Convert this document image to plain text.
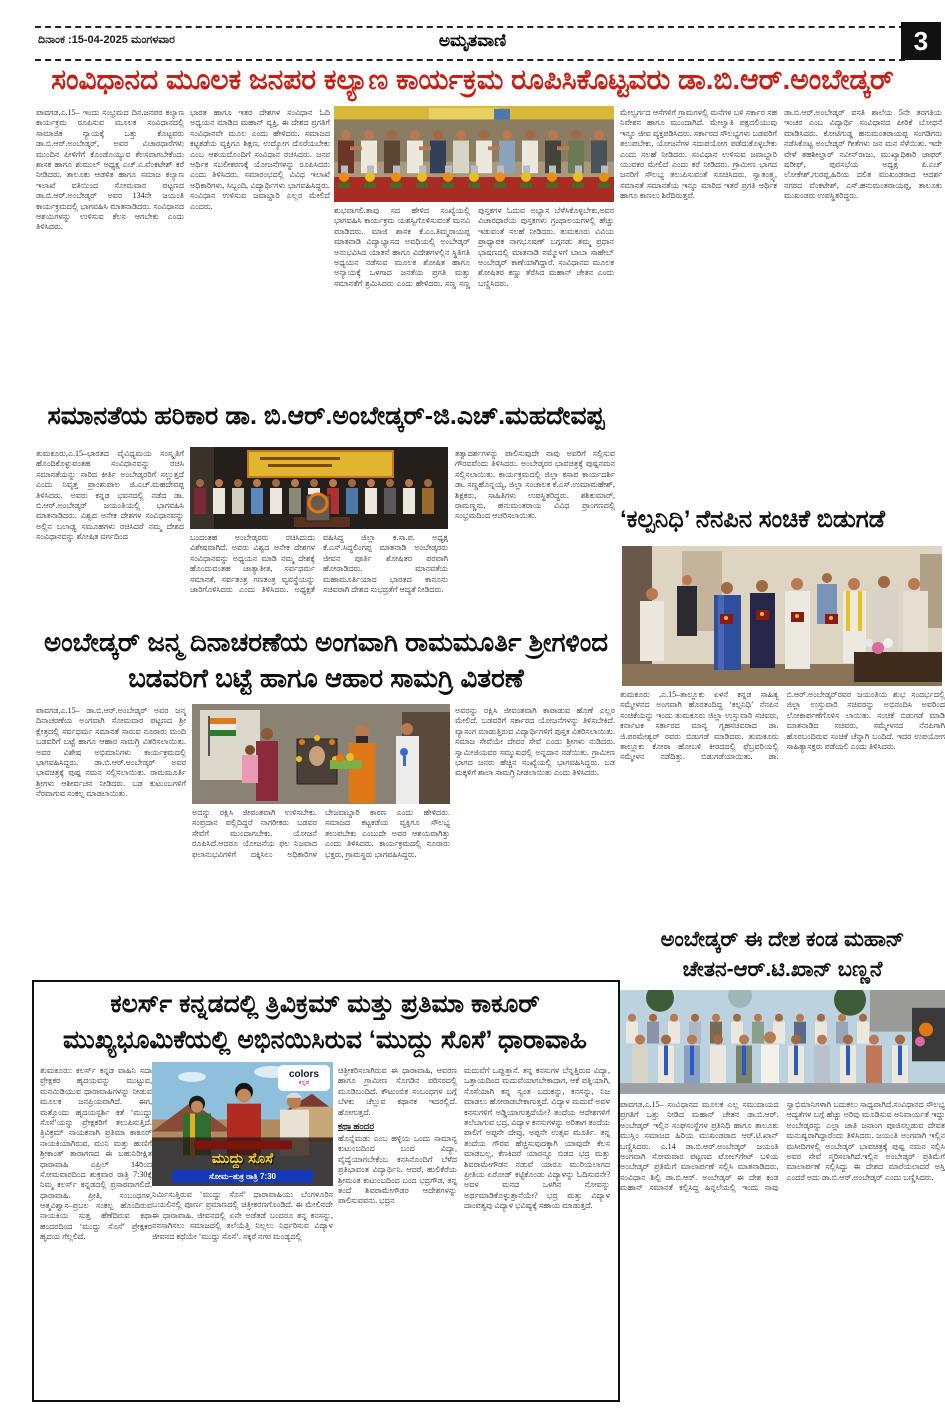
ದಿನಾಂಕ :15-04-2025 ಮಂಗಳವಾರ	ಅಮೃತವಾಣಿ	3
ಸಂವಿಧಾನದ ಮೂಲಕ ಜನಪರ ಕಲ್ಯಾಣ ಕಾರ್ಯಕ್ರಮ ರೂಪಿಸಿಕೊಟ್ಟವರು ಡಾ.ಬಿ.ಆರ್.ಅಂಬೇಡ್ಕರ್
ಪಾವಗಡ,ಎ.15– ಇಂದು ಸಂಭ್ರಮದ ದಿನ.ಜನಪರ ಕಲ್ಯಾಣ ಕಾರ್ಯಕ್ರಮ ರೂಪಿಸುವ ಮೂಲಕ ಸಂವಿಧಾನದಲ್ಲಿ ಸಾಮಾಜಿಕ ನ್ಯಾಯಕ್ಕೆ ಒತ್ತು ಕೊಟ್ಟವರು ಡಾ.ಬಿ.ಆರ್.ಅಂಬೇಡ್ಕರ್, ಅವರ ವಿಚಾರಧಾರೆಗಳು ಮುಂದಿನ ಪೀಳಿಗೆಗೆ ಕೊಂಡೊಯ್ಯುವ ಕೆಲಸವಾಗಬೇಕೆಂದು ಶಾಸಕ ಹಾಗೂ ಶುಮುಲ್ ಅಧ್ಯಕ್ಷ ಎಚ್.ಎ.ವೆಂಕಟೇಶ್ ಕರೆ ನೀಡಿದರು. ತಾಲೂಕು ಆಡಳಿತ ಹಾಗೂ ಸಮಾಜ ಕಲ್ಯಾಣ ಇಲಾಖೆ ವತಿಯಿಂದ ಸೋಮವಾರ ಪಟ್ಟಣದ ಡಾ.ಬಿ.ಆರ್.ಅಂಬೇಡ್ಕರ್ ಅವರ 134ನೇ ಜಯಂತಿ ಕಾರ್ಯಕ್ರಮದಲ್ಲಿ ಭಾಗವಹಿಸಿ ಮಾತನಾಡಿದರು. ಸಂವಿಧಾನದ ಆಶಯಗಳನ್ನು ಉಳಿಸುವ ಕೆಲಸ ಆಗಬೇಕು ಎಂದು ತಿಳಿಸಿದರು.
ಭಾರತ ಹಾಗೂ ಇತರ ದೇಶಗಳ ಸಂವಿಧಾನ ಓದಿ ಅಧ್ಯಯನ ಮಾಡಿದ ಮಹಾನ್ ವ್ಯಕ್ತಿ, ಈ ದೇಶದ ಪ್ರಗತಿಗೆ ಸಂವಿಧಾನವೇ ಮೂಲ ಎಂದು ಹೇಳಿದರು. ಸಮಾಜದ ಕಟ್ಟಕಡೆಯ ವ್ಯಕ್ತಿಗೂ ಶಿಕ್ಷಣ, ಉದ್ಯೋಗ ದೊರೆಯಬೇಕು ಎಂಬ ಆಶಯದೊಂದಿಗೆ ಸಂವಿಧಾನ ರಚಿಸಿದರು. ಜನರ ಆರ್ಥಿಕ ಸಬಲೀಕರಣಕ್ಕೆ ಯೋಜನೆಗಳನ್ನು ರೂಪಿಸಿದರು ಎಂದು ತಿಳಿಸಿದರು. ಸಮಾರಂಭದಲ್ಲಿ ವಿವಿಧ ಇಲಾಖೆ ಅಧಿಕಾರಿಗಳು, ಸಿಬ್ಬಂದಿ, ವಿದ್ಯಾರ್ಥಿಗಳು ಭಾಗವಹಿಸಿದ್ದರು. ಸಂವಿಧಾನ ಉಳಿಸುವ ಜವಾಬ್ದಾರಿ ಎಲ್ಲರ ಮೇಲಿದೆ ಎಂದರು.	ಶುಭವಾಗಲಿ.ತಾವು ಸದ ಹೇಳಿದ ಸಂಖ್ಯೆಯಲ್ಲಿ ಭಾಗವಹಿಸಿ ಕಾರ್ಯಕ್ರಮ ಯಶಸ್ವಿಗೊಳಿಸುವಂತೆ ಮನವಿ ಮಾಡಿದರು. ಮಾಜಿ ಶಾಸಕ ಕೆ.ಎಂ.ತಿಮ್ಮರಾಯಪ್ಪ ಮಾತನಾಡಿ ವಿದ್ಯಾಭ್ಯಾಸದ ಅವಧಿಯಲ್ಲಿ ಅಂಬೇಡ್ಕರ್ ಅನುಭವಿಸಿದ ಯಾತನೆ ಹಾಗೂ ವಿದೇಶಗಳಲ್ಲಿನ ಸ್ಥಿತಿಗತಿ ಅಧ್ಯಯನ ನಡೆಸುವ ಮೂಲಕ ಶೋಷಿತ ಹಾಗೂ ಅನ್ಯಾಯಕ್ಕೆ ಒಳಗಾದ ಜನತೆಯ ಪ್ರಗತಿ ಮತ್ತು ಸಮಾನತೆಗೆ ಶ್ರಮಿಸಿದರು ಎಂದು ಹೇಳಿದರು. ಸಣ್ಣ ಸಣ್ಣ ಪುಸ್ತಕಗಳ ಓದುವ ಅಭ್ಯಾಸ ಬೆಳೆಸಿಕೊಳ್ಳಬೇಕು,ಅವರ ವಿಚಾರಧಾರೆಯ ಪುಸ್ತಕಗಳು ಗ್ರಂಥಾಲಯಗಳಲ್ಲಿ ಹೆಚ್ಚು ಇಡುವಂತೆ ಸಲಹೆ ನೀಡಿದರು. ತುಮಕೂರು ವಿವಿಯ ಪ್ರಾಧ್ಯಾಪಕ ನಾಗಭೂಷಣ್ ಬಗ್ಗನಡು ತಮ್ಮ ಪ್ರಧಾನ ಭಾಷಣದಲ್ಲಿ ಮಾತನಾಡಿ ನಮ್ಮೊಳಗೆ ಬಾಬಾ ಸಾಹೇಬ್ ಅಂಬೇಡ್ಕರ್ ಕಾಣೆಯಾಗಿದ್ದಾರೆ. ಸಂವಿಧಾನದ ಮೂಲಕ ಶೋಷಿತರ ಕಣ್ಣು ತೆರೆಸಿದ ಮಹಾನ್ ಚೇತನ ಎಂದು ಬಣ್ಣಿಸಿದರು.
ಮೇಲ್ವರ್ಗದ ಆಸೆಗಳಿಗೆ ಗ್ರಾಮಗಳಲ್ಲಿ ಮನೆಗಳ ಬಳಿ ಸರ್ಕಾರ ಸಹ ನಿವೇಶನ ಹಾಗೂ ಮುಂದಾಗಿದೆ. ಮೇಲ್ವಾತಿ ಪಕ್ಷದಲಿಯುವು ಇನ್ನೂ ಜೀವ ವ್ಯಕ್ತಪಡಿಸಿದರು. ಸರ್ಕಾರದ ಸೌಲಭ್ಯಗಳು ಬಡವರಿಗೆ ತಲುಪಬೇಕು, ಯೋಜನೆಗಳ ಸದುಪಯೋಗ ಪಡೆದುಕೊಳ್ಳಬೇಕು ಎಂದು ಸಲಹೆ ನೀಡಿದರು. ಸಂವಿಧಾನ ಉಳಿಸುವ ಜವಾಬ್ದಾರಿ ಯುವಕರ ಮೇಲಿದೆ ಎಂದು ಕರೆ ನೀಡಿದರು. ಗ್ರಾಮೀಣ ಭಾಗದ ಜನರಿಗೆ ಸೌಲಭ್ಯ ತಲುಪಿಸುವಂತೆ ಸೂಚಿಸಿದರು. ಸ್ವಾತಂತ್ರ್ಯ, ಸಮಾನತೆ ಸಮಾನತೆಯ ಇನ್ನೂ ಮಾರಿದ ಇತರೆ ಪ್ರಗತಿ ಆರ್ಥಿಕ ಹಾಗೂ ಕಾಣಲು ಶಿರೆದಿರುತ್ತವೆ.
ಡಾ.ಬಿ.ಆರ್.ಅಂಬೇಡ್ಕರ್ ವಸತಿ ಶಾಲೆಯ 5ನೇ ತರಗತಿಯ ಇಂಚರ ಎಂಬ ವಿದ್ಯಾರ್ಥಿ ಸಂವಿಧಾನದ ಪೀಠಿಕೆ ಬೋಧನೆ ಮಾಡಿಸಿದರು. ಕೋಟಿಗುಡ್ಡ ಹನುಮಂತರಾಯಪ್ಪ ಸಂಗಡಿಗರು ನಡೆಸಿಕೊಟ್ಟ ಅಂಬೇಡ್ಕರ್ ಗೀತೆಗಳು ಜನ ಮನ ಸೆಳೆಯಿತು. ಇದೇ ವೇಳೆ ತಹಶೀಲ್ದಾರ್ ನವೀನ್‌ರಾಜು, ಮುಖ್ಯಾಧಿಕಾರಿ ಜಾಫರ್ ಷರೀಫ್, ಪುರಸಭೆಯ ಅಧ್ಯಕ್ಷ ಪಿ.ಎಚ್ ಲೋಕೇಶ್,ಗುರಪ್ಪ,ಹಿರಿಯ ದಲಿತ ಮುಖಂಡರಾದ ಆದರ್ಶ ನಗರದ ವೆಂಕಟೇಶ್, ಎಸ್.ಹನುಮಂತರಾಯಪ್ಪ, ತಾಲೂಕು ಮುಖಂಡರು ಉಪಸ್ಥಿತರಿದ್ದರು.
ಸಮಾನತೆಯ ಹರಿಕಾರ ಡಾ. ಬಿ.ಆರ್.ಅಂಬೇಡ್ಕರ್-ಜಿ.ಎಚ್.ಮಹದೇವಪ್ಪ
ತುಮಕೂರು,ಎ.15–ಭಾರತದ ವೈವಿಧ್ಯಮಯ ಸಂಸ್ಕೃತಿಗೆ ಹೊಂದಿಕೊಳ್ಳುವಂತಹ ಸಂವಿಧಾನವನ್ನು ರಚಿಸಿ ಸಮಾನತೆಯನ್ನು ಸಾರಿದ ಕೀರ್ತಿ ಅಂಬೇಡ್ಕರರಿಗೆ ಸಲ್ಲುತ್ತದೆ ಎಂದು ನಿವೃತ್ತ ಪ್ರಾಂಶುಪಾಲ ಜಿ.ಎಚ್.ಮಹದೇವಪ್ಪ ತಿಳಿಸಿದರು. ಅವರು ಕನ್ನಡ ಭವನದಲ್ಲಿ ನಡೆದ ಡಾ. ಬಿ.ಆರ್.ಅಂಬೇಡ್ಕರ್ ಜಯಂತಿಯಲ್ಲಿ ಭಾಗವಹಿಸಿ ಮಾತನಾಡಿದರು. ವಿಶ್ವದ ಅನೇಕ ದೇಶಗಳ ಸಂವಿಧಾನವನ್ನು ಅಲ್ಲಿನ ಬಲಾಢ್ಯ ಸಮೂಹಗಳು ರಚಿಸಿದರೆ ನಮ್ಮ ದೇಶದ ಸಂವಿಧಾನವನ್ನು ಶೋಷಿತ ವರ್ಗದಿಂದ	ಬಂದಂತಹ ಅಂಬೇಡ್ಕರರು ರಚಿಸಿದುದು ವಿಶೇಷವಾಗಿದೆ. ಅವರು ವಿಶ್ವದ ಅನೇಕ ದೇಶಗಳ ಸಂವಿಧಾನವನ್ನು ಅಧ್ಯಯನ ಮಾಡಿ ನಮ್ಮ ದೇಶಕ್ಕೆ ಹೊಂದುವಂತಹ ಜಾತ್ಯಾತೀತ, ಸರ್ವಧರ್ಮ ಸಮಾನತೆ, ಸರ್ವತಂತ್ರ ಗಣತಂತ್ರ ವ್ಯವಸ್ಥೆಯನ್ನು ಜಾರಿಗೊಳಿಸಿದರು ಎಂದು ತಿಳಿಸಿದರು. ಅಧ್ಯಕ್ಷತೆ ವಹಿಸಿದ್ದ ಜಿಲ್ಲಾ ಕ.ಸಾ.ಪ. ಅಧ್ಯಕ್ಷ ಕೆ.ಎಸ್.ಸಿದ್ಧಲಿಂಗಪ್ಪ ಮಾತನಾಡಿ ಅಂಬೇಡ್ಕರರು ಜೀವನ ಪೂರ್ತಿ ಶೋಷಿತರ ಪರವಾಗಿ ಹೋರಾಡಿದರು. ಮಾನವತೆಯ ಮಹಾಮೂರ್ತಿಯಾದ ಭಾರತದ ಕಾನೂನು ಸಚಿವರಾಗಿ ದೇಶದ ಸುಭದ್ರತೆಗೆ ಆದ್ಯತೆ ನೀಡಿದರು.
ತತ್ವಾದರ್ಶಗಳನ್ನು ಪಾಲಿಸುವುದೇ ನಾವು ಅವರಿಗೆ ಸಲ್ಲಿಸುವ ಗೌರವವೆಂದು ತಿಳಿಸಿದರು. ಅಂಬೇಡ್ಕರರ ಭಾವಚಿತ್ರಕ್ಕೆ ಪುಷ್ಪನಮನ ಸಲ್ಲಿಸಲಾಯಿತು. ಕಾರ್ಯಕ್ರಮದಲ್ಲಿ ಜಿಲ್ಲಾ ಕಸಾಪ ಕಾರ್ಯದರ್ಶಿ ಡಾ. ಸಣ್ಣಹೊನ್ನಯ್ಯ, ಜಿಲ್ಲಾ ಸಂಚಾಲಕ ಕೆ.ಎಸ್.ಉಮಾಮಹೇಶ್, ಶಿಕ್ಷಕರು, ಸಾಹಿತಿಗಳು ಉಪಸ್ಥಿತರಿದ್ದರು. ಶಶಿಕುಮಾರ್, ರಾಮಣ್ಣನು, ಹನುಮಂತರಾಯ ವಿವಿಧ ಪ್ರಾಂಗಣದಲ್ಲಿ ಸಂಭ್ರಮದಿಂದ ಆಚರಿಸಲಾಯಿತು.
ಅಂಬೇಡ್ಕರ್ ಜನ್ಮ ದಿನಾಚರಣೆಯ ಅಂಗವಾಗಿ ರಾಮಮೂರ್ತಿ ಶ್ರೀಗಳಿಂದ ಬಡವರಿಗೆ ಬಟ್ಟೆ ಹಾಗೂ ಆಹಾರ ಸಾಮಗ್ರಿ ವಿತರಣೆ
ಪಾವಗಡ,ಎ.15– ಡಾ.ಬಿ.ಆರ್.ಅಂಬೇಡ್ಕರ್ ಅವರ ಜನ್ಮ ದಿನಾಚರಣೆಯ ಅಂಗವಾಗಿ ಸೋಮವಾರ ಪಟ್ಟಣದ ಶ್ರೀ ಕ್ಷೇತ್ರದಲ್ಲಿ ಸರ್ವಧರ್ಮ ಸಮಾನತೆ ಸಾರುವ ನೂರಾರು ಮಂದಿ ಬಡವರಿಗೆ ಬಟ್ಟೆ ಹಾಗೂ ಆಹಾರ ಸಾಮಗ್ರಿ ವಿತರಿಸಲಾಯಿತು. ಅವರ ವಿಶೇಷ ಅಭಿಮಾನಿಗಳು ಕಾರ್ಯಕ್ರಮದಲ್ಲಿ ಭಾಗವಹಿಸಿದ್ದರು. ಡಾ.ಬಿ.ಆರ್.ಅಂಬೇಡ್ಕರ್ ಅವರ ಭಾವಚಿತ್ರಕ್ಕೆ ಪುಷ್ಪ ನಮನ ಸಲ್ಲಿಸಲಾಯಿತು. ರಾಮಮೂರ್ತಿ ಶ್ರೀಗಳು ಆಶೀರ್ವಚನ ನೀಡಿದರು. ಬಡ ಕುಟುಂಬಗಳಿಗೆ ನೆರವಾಗುವ ಸಂಕಲ್ಪ ಮಾಡಲಾಯಿತು.
ಅದನ್ನು ರಕ್ಷಿಸಿ ಜೀವಂತವಾಗಿ ಉಳಿಸಬೇಕು. ಸಂಪ್ರದಾನ ಪಲ್ಲಿದಿದ್ದರೆ ನಾಗರೀಕರು ಬಡವರ ಸೇವೆಗೆ ಮುಂದಾಗಬೇಕು. ಯೋಜನೆ ರೂಪಿಸಿದೆ.ಆದರೂ ಯೋಜನೆಯ ಫಲ ನಿಜವಾದ ಫಲಾನುಭವಿಗಳಿಗೆ ದಕ್ಕಿಸಿಲು ಅಧಿಕಾರಿಗಳ ಬೇಜವಾಬ್ದಾರಿ ಕಾರಣ ಎಂದು ಹೇಳಿದರು. ಸಮಾಜದ ಕಟ್ಟಕಡೆಯ ವ್ಯಕ್ತಿಗೂ ಸೌಲಭ್ಯ ತಲುಪಬೇಕು ಎಂಬುದೇ ಅವರ ಆಶಯವಾಗಿತ್ತು ಎಂದು ತಿಳಿಸಿದರು. ಕಾರ್ಯಕ್ರಮದಲ್ಲಿ ನೂರಾರು ಭಕ್ತರು, ಗ್ರಾಮಸ್ಥರು ಭಾಗವಹಿಸಿದ್ದರು.
ಅವರನ್ನು ರಕ್ಷಿಸಿ ಜೀವಂತವಾಗಿ ಕಾಪಾಡುವ ಹೊಣೆ ಎಲ್ಲರ ಮೇಲಿದೆ. ಬಡವರಿಗೆ ಸರ್ಕಾರದ ಯೋಜನೆಗಳನ್ನು ತಿಳಿಸಬೇಕಿದೆ. ವ್ಯಾಸಂಗ ಮಾಡುತ್ತಿರುವ ವಿದ್ಯಾರ್ಥಿಗಳಿಗೆ ಪುಸ್ತಕ ವಿತರಿಸಲಾಯಿತು. ಸಮಾಜ ಸೇವೆಯೇ ದೇವರ ಸೇವೆ ಎಂದು ಶ್ರೀಗಳು ನುಡಿದರು. ಸ್ವಾಮೀಜಿಯವರ ಸಮ್ಮುಖದಲ್ಲಿ ಅನ್ನದಾನ ನಡೆಯಿತು. ಗ್ರಾಮೀಣ ಭಾಗದ ಜನರು ಹೆಚ್ಚಿನ ಸಂಖ್ಯೆಯಲ್ಲಿ ಭಾಗವಹಿಸಿದ್ದರು. ಬಡ ಮಕ್ಕಳಿಗೆ ಶಾಲಾ ಸಾಮಗ್ರಿ ನೀಡಲಾಯಿತು ಎಂದು ತಿಳಿಸಿದರು.
‘ಕಲ್ಪನಿಧಿ’ ನೆನಪಿನ ಸಂಚಿಕೆ ಬಿಡುಗಡೆ
ತುಮಕೂರು ,ಎ.15–ತಾಲ್ಲೂಕು ಏಳನೆ ಕನ್ನಡ ಸಾಹಿತ್ಯ ಸಮ್ಮೇಳನದ ಅಂಗವಾಗಿ ಹೊರತಂದಿದ್ದ ‘ಕಲ್ಪನಿಧಿ’ ನೆನಪಿನ ಸಂಚಿಕೆಯನ್ನು ಇಂದು ತುಮಕೂರು ಜಿಲ್ಲಾ ಉಸ್ತುವಾರಿ ಸಚಿವರು, ಕರ್ನಾಟಕ ಸರ್ಕಾರದ ಮಾನ್ಯ ಗೃಹಸಚಿವರಾದ ಡಾ. ಜಿ.ಪರಮೇಶ್ವರ್ ರವರು ಬಿಡುಗಡೆ ಮಾಡಿದರು. ತುಮಕೂರು ತಾಲ್ಲೂಕು ಕೋರಾ ಹೋಬಳಿ ಕೀರದದಲ್ಲಿ ಫೆಬ್ರವರಿಯಲ್ಲಿ ಸಮ್ಮೇಳನ ನಡೆದಿತ್ತು. ಬಿಡುಗಡೆಯಾಯಿತು. ಡಾ. ಬಿ.ಆರ್.ಅಂಬೇಡ್ಕರ್‌ರವರ ಜಯಂತಿಯ ಶುಭ ಸಂದರ್ಭದಲ್ಲಿ ಜಿಲ್ಲಾ ಉಸ್ತುವಾರಿ ಸಚಿವರನ್ನು ಅಭಿನಂದಿಸಿ ಅವರಿಂದ ಲೋಕಾರ್ಪಣೆಗೊಳಿಸ ಲಾಯಿತು. ಸಂಚಿಕೆ ಬಿಡುಗಡೆ ಮಾಡಿ ಮಾತನಾಡಿದ ಸಚಿವರು, ಸಮ್ಮೇಳನದ ನೆನಪಿಗಾಗಿ ಹೊರಬಂದಿರುವ ಸಂಚಿಕೆ ಚೆನ್ನಾಗಿ ಬಂದಿದೆ. ಇದರ ಉಪಯೋಗ ಸಾಹಿತ್ಯಾಸಕ್ತರು ಪಡೆಯಲಿ ಎಂದು ತಿಳಿಸಿದರು.
ಅಂಬೇಡ್ಕರ್ ಈ ದೇಶ ಕಂಡ ಮಹಾನ್
ಚೇತನ-ಆರ್.ಟಿ.ಖಾನ್ ಬಣ್ಣನೆ
ಪಾವಗಡ,ಎ.15– ಸಂವಿಧಾನದ ಮೂಲಕ ಎಲ್ಲ ಸಮುದಾಯದ ಪ್ರಗತಿಗೆ ಒತ್ತು ನೀಡಿದ ಮಹಾನ್ ಚೇತನ ಡಾ.ಬಿ.ಆರ್. ಅಂಬೇಡ್ಕರ್ ಇಲ್ಲಿನ ಸಂಘಸಂಸ್ಥೆಗಳ ಪ್ರತಿನಿಧಿ ಹಾಗೂ ತಾಲೂಕು ಮುಸ್ಲಿಂ ಸಮಾಜದ ಹಿರಿಯ ಮುಖಂಡರಾದ ಆರ್.ಟಿ.ಖಾನ್ ಬಣ್ಣಿಸಿದರು. ಎ.14 ಡಾ.ಬಿ.ಆರ್.ಅಂಬೇಡ್ಕರ್ ಜಯಂತಿ ಅಂಗವಾಗಿ ಸೋಮವಾರ ಪಟ್ಟಣದ ಟೋಲ್‌ಗೇಟ್ ಬಳಿಯ ಅಂಬೇಡ್ಕರ್ ಪ್ರತಿಮೆಗೆ ಮಾಲಾರ್ಪಣೆ ಸಲ್ಲಿಸಿ ಮಾತನಾಡಿದರು. ಸಂವಿಧಾನ ಶಿಲ್ಪಿ ಡಾ.ಬಿ.ಆರ್. ಅಂಬೇಡ್ಕರ್ ಈ ದೇಶ ಕಂಡ ಮಹಾನ್ ಸಮಾನತೆ ಕಲ್ಪಿಸಿದ್ದ ಹಿನ್ನಲೆಯಲ್ಲಿ ಇಂದು ನಾವು ಸ್ವಾಭಿಮಾನಿಗಳಾಗಿ ಬದುಕಲು ಸಾಧ್ಯವಾಗಿದೆ.ಸಂವಿಧಾನದ ಸೌಲಭ್ಯ ಆದ್ಯತೆಗಳ ಬಗ್ಗೆ ಹೆಚ್ಚು ಅರಿವು ಮೂಡಿಸುವ ಅನಿವಾರ್ಯತೆ ಇದ್ದು ಅಂಬೇಡ್ಕರನ್ನು ಎಲ್ಲಾ ಜಾತಿ ಜನಾಂಗ ಪೂಜಿಸಲ್ಪಡುವ ದೇವತ ಮನುಷ್ಯರಾಗಿದ್ದಾರೆಂದು ತಿಳಿಸಿದರು. ಜಯಂತಿ ಅಂಗವಾಗಿ ಇಲ್ಲಿನ ಮಸೀದಿಗಳಲ್ಲಿ ಅಂಬೇಡ್ಕರ್ ಭಾವಚಿತ್ರಕ್ಕೆ ಪುಷ್ಪ ನಮನ ಸಲ್ಲಿಸಿ ಅವರ ಸೇವೆ ಸ್ಮರಿಸಲಾಗಿದೆ.ಇಲ್ಲಿನ ಅಂಬೇಡ್ಕರ್ ಪ್ರತಿಮೆಗೆ ಮಾಲಾರ್ಪಣೆ ಸಲ್ಲಿಸಿದ್ದು ಈ ದೇಶದ ಮಾರೆಯಲಾದರೆ ಅಸ್ತಿ ಎಂದರೆ ಅದು ಡಾ.ಬಿ.ಆರ್.ಅಂಬೇಡ್ಕರ್ ಎಂದು ಬಣ್ಣಿಸಿದರು.
ಕಲರ್ಸ್ ಕನ್ನಡದಲ್ಲಿ ತ್ರಿವಿಕ್ರಮ್ ಮತ್ತು ಪ್ರತಿಮಾ ಕಾಕೂರ್ ಮುಖ್ಯಭೂಮಿಕೆಯಲ್ಲಿ ಅಭಿನಯಿಸಿರುವ ‘ಮುದ್ದು ಸೊಸೆ’ ಧಾರಾವಾಹಿ
ತುಮಕೂರು: ಕಲರ್ಸ್ ಕನ್ನಡ ವಾಹಿನಿ ಸದಾ ಪ್ರೇಕ್ಷಕರ ಹೃದಯವನ್ನು ಮುಟ್ಟುವ, ಮನಮಿಡಿಯುವ ಧಾರಾವಾಹಿಗಳನ್ನು ನೀಡುವ ಮೂಲಕ ಜನಪ್ರಿಯವಾಗಿದೆ. ಈಗ, ಮತ್ತೊಂದು ಹೃದಯಸ್ಪರ್ಶಿ ಕತೆ ‘ಮುದ್ದು ಸೊಸೆ’ಯನ್ನು ಪ್ರೇಕ್ಷಕರಿಗೆ ತಲುಪಿಸುತ್ತಿದೆ. ತ್ರಿವಿಕ್ರಮ್ ನಾಯಕನಾಗಿ ಪ್ರತಿಮಾ ಕಾಕೂರ್ ನಾಯಕಿಯಾಗಿರುವ, ಮುನಿ ಮತ್ತು ಹುಣಿಗೆ ಶ್ರೀಕಾಂತ್ ತಾರಾಗಣದ ಈ ಬಹುನಿರೀಕ್ಷಿತ ಧಾರಾವಾಹಿ ಎಪ್ರಿಲ್ 14ರಿಂದ ಸೋಮವಾರದಿಂದ ಶುಕ್ರವಾರ ರಾತ್ರಿ 7:30ಕ್ಕೆ ನಿಮ್ಮ ಕಲರ್ಸ್ ಕನ್ನಡದಲ್ಲಿ ಪ್ರಸಾರವಾಗಲಿದೆ. ಧಾರಾವಾಹಿ. ಪ್ರೀತಿ, ಸಂಬಂಧಗಳ, ಆತ್ಮವಿಶ್ವಾಸ–ಪ್ರಬಲ ಸಂಕಲ್ಪ ಹೊಂದಿರುವ ನಾಯಕಿಯ ಸುತ್ತ ಹೆಣೆದಿರುವ ಕಥಾ ಹಂದರದಿಂದ ‘ಮುದ್ದು ಸೊಸೆ’ ಪ್ರೇಕ್ಷಕರ ಹೃದಯ ಗೆಲ್ಲಲಿದೆ.
colors
ಕನ್ನಡ
ಮುದ್ದು ಸೊಸೆ
ಸೋಮ–ಶುಕ್ರ ರಾತ್ರಿ 7:30
ನಿರ್ಮಿಸುತ್ತಿರುವ ‘ಮುದ್ದು ಸೊಸೆ’ ಧಾರಾವಾಹಿಯು ಬೆಂಗಳೂರಿನ ಬಯಲಿನಲ್ಲಿ ಪೂರ್ಣ ಪ್ರಮಾಣದಲ್ಲಿ ಚಿತ್ರೀಕರಣಗೊಂಡಿದೆ. ಈ ಮೇಲಿನದೇ ಈ ಧಾರಾವಾಹಿ. ಜೀವನದಲ್ಲಿ ಏನೇ ಅಡೆತಡೆ ಬಂದರೂ ತನ್ನ ಕನಸನ್ನು, ನನಸಾಗಿಸಲು ಸಮಾಜದಲ್ಲಿ ತಲೆಯೆತ್ತಿ ನಿಲ್ಲಲು ನಿರ್ಧರಿಸುವ ವಿದ್ಯಾಳ ಜೀವನದ ಕಥೆಯೇ ‘ಮುದ್ದು ಸೊಸೆ’. ಸಕ್ಕರೆ ನಗರ ಮಂಡ್ಯದಲ್ಲಿ
ಚಿತ್ರೀಕರಿಸಲಾಗಿರುವ ಈ ಧಾರಾವಾಹಿ, ಆವರಣ ಹಾಗೂ ಗ್ರಾಮೀಣ ಸೊಗಡಿನ ಪರಿಸರದಲ್ಲಿ ಮೂಡಿಬಂದಿದೆ. ಕೌಟುಂಬಿಕ ಸಂಬಂಧಗಳ ಬಗ್ಗೆ ಬೆಳಕು ಚೆಲ್ಲುವ ಕಥಾನಕ ಇದರಲ್ಲಿದೆ. ಹೋಗುತ್ತದೆ.
ಕಥಾ ಹಂದರ
ಹೊನ್ನೆಮಡು ಎಂಬ ಹಳ್ಳಿಯ ಒಂದು ಸಾಮಾನ್ಯ ಕುಟುಂಬದಿಂದ ಬಂದ ವಿದ್ಯಾ, ವೈದ್ಯೆಯಾಗಬೇಕೆಂಬ ಕನಸಿನೊಂದಿಗೆ ಬೆಳೆದ ಪ್ರತಿಭಾವಂತ ವಿದ್ಯಾರ್ಥಿನಿ. ಆದರೆ, ಹುಲಿಕೆರೆಯ ಶ್ರೀಮಂತ ಕುಟುಂಬದಿಂದ ಬಂದ ಭದ್ರಗೌಡ, ತನ್ನ ತಂದೆ ಶಿವರಾಮೇಗೌಡರ ಆದೇಶಗಳನ್ನು ಪಾಲಿಸುವವನು. ಭದ್ರನ
ಮದುವೆಗೆ ಒಪ್ಪುತ್ತಾನೆ. ತನ್ನ ಕನಸುಗಳ ಬೆನ್ನತ್ತಿರುವ ವಿದ್ಯಾ, ಒತ್ತಾಯದಿಂದ ಮದುವೆಯಾಗಬೇಕಾದಾಗ, ಆಕೆ ಪತ್ನಿಯಾಗಿ, ಸೊಸೆಯಾಗಿ ತನ್ನ ಸ್ವಂತ ಬದುಕನ್ನು, ಕನಸನ್ನು, ನಿಜ ಮಾಡಲು ಹೋರಾಡಬೇಕಾಗುತ್ತದೆ. ವಿದ್ಯಾಳ ಮದುವೆ ಅವಳ ಕನಸುಗಳಿಗೆ ಅಡ್ಡಿಯಾಗುತ್ತದೆಯೇ? ತಂದೆಯ ಆದೇಶಗಳಿಗೆ ತಲೆಬಾಗುವ ಭದ್ರ, ವಿದ್ಯಾಳ ಕನಸುಗಳನ್ನು ಅರಿತಾಗ ತಂದೆಯ ಪಾಲಿಗೆ ಅಪ್ಪನೇ ದೇವ್ರು, ಅಪ್ಪನೇ ಉತ್ಸವ ಮೂರ್ತಿ. ತನ್ನ ತಂದೆಯ ಗೌರವ ಹೆಚ್ಚಿಸುವುದಕ್ಕಾಗಿ ಯಾವುದೇ ಕೆಲಸ ಮಾಡಬಲ್ಲ, ಕೆಣಕಿದರೆ ಯಾರನ್ನೂ ಬಿಡದ ಭದ್ರ ಮತ್ತು ಶಿವರಾಮೇಗೌಡನ ನಡುವೆ ಯಾರೂ ಮುರಿಯಲಾಗದ ಪ್ರೀತಿಯ ಏರೋಡ್ ಕಟ್ಟಿಕೊಂಡು ವಿದ್ಯಾಳನ್ನು ಓದಿಸುವನೇ? ಅವಳ ಮನದ ಒಳಗಿನ ನೋವನ್ನು ಅರ್ಥಮಾಡಿಕೊಳ್ಳುತ್ತಾನೆಯೇ? ಭದ್ರ ಮತ್ತು ವಿದ್ಯಾಳ ದಾಂಪತ್ಯವು ವಿದ್ಯಾಳ ಭವಿಷ್ಯಕ್ಕೆ ಸಹಾಯ ಮಾಡುತ್ತದೆ.
